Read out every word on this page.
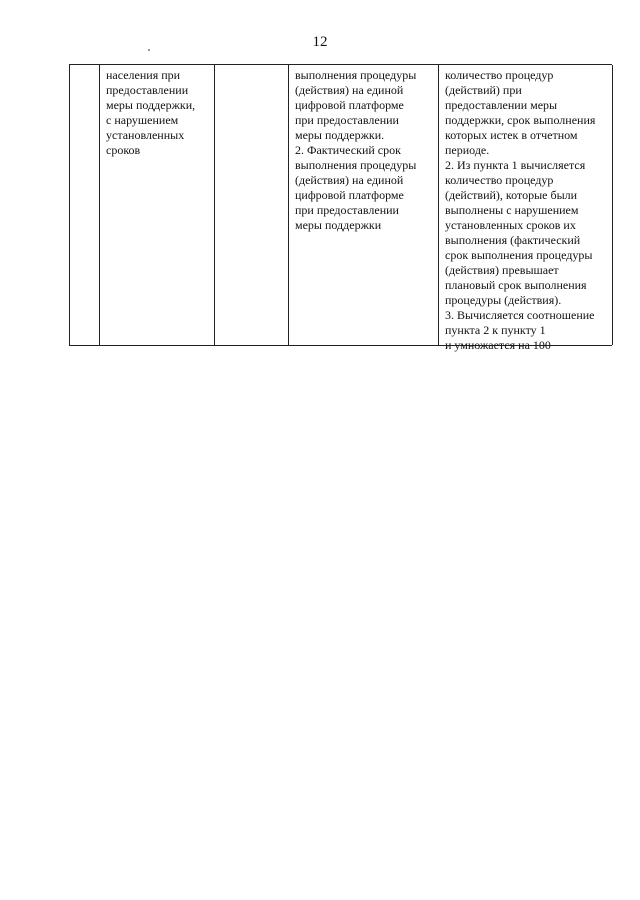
12
населения при
предоставлении
меры поддержки,
с нарушением
установленных
сроков
выполнения процедуры
(действия) на единой
цифровой платформе
при предоставлении
меры поддержки.
2. Фактический срок
выполнения процедуры
(действия) на единой
цифровой платформе
при предоставлении
меры поддержки
количество процедур
(действий) при
предоставлении меры
поддержки, срок выполнения
которых истек в отчетном
периоде.
2. Из пункта 1 вычисляется
количество процедур
(действий), которые были
выполнены с нарушением
установленных сроков их
выполнения (фактический
срок выполнения процедуры
(действия) превышает
плановый срок выполнения
процедуры (действия).
3. Вычисляется соотношение
пункта 2 к пункту 1
и умножается на 100
